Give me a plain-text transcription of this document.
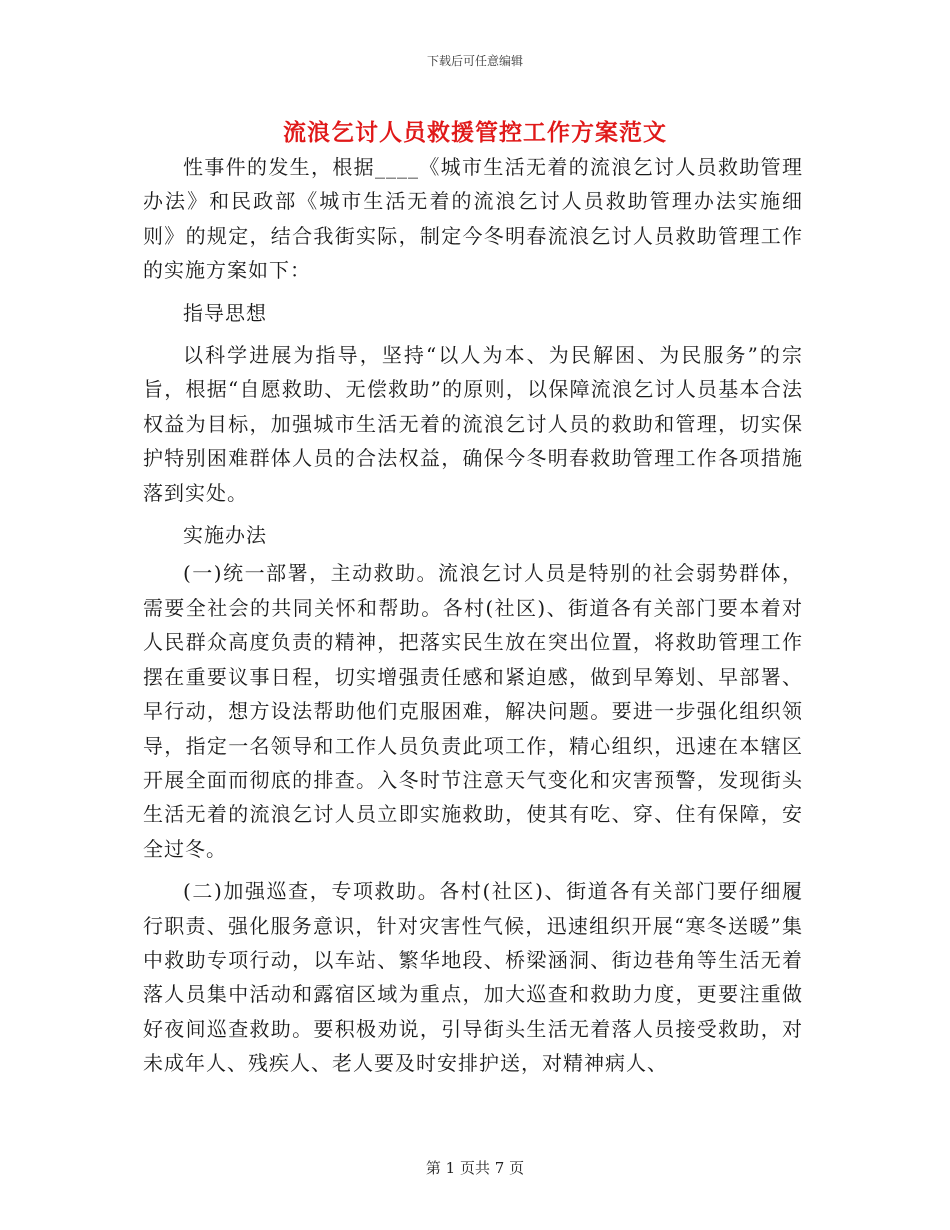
下载后可任意编辑
流浪乞讨人员救援管控工作方案范文

性事件的发生，根据____《城市生活无着的流浪乞讨人员救助管理办法》和民政部《城市生活无着的流浪乞讨人员救助管理办法实施细则》的规定，结合我街实际，制定今冬明春流浪乞讨人员救助管理工作的实施方案如下：

指导思想

以科学进展为指导，坚持“以人为本、为民解困、为民服务”的宗旨，根据“自愿救助、无偿救助”的原则，以保障流浪乞讨人员基本合法权益为目标，加强城市生活无着的流浪乞讨人员的救助和管理，切实保护特别困难群体人员的合法权益，确保今冬明春救助管理工作各项措施落到实处。

实施办法

(一)统一部署，主动救助。流浪乞讨人员是特别的社会弱势群体，需要全社会的共同关怀和帮助。各村(社区)、街道各有关部门要本着对人民群众高度负责的精神，把落实民生放在突出位置，将救助管理工作摆在重要议事日程，切实增强责任感和紧迫感，做到早筹划、早部署、早行动，想方设法帮助他们克服困难，解决问题。要进一步强化组织领导，指定一名领导和工作人员负责此项工作，精心组织，迅速在本辖区开展全面而彻底的排查。入冬时节注意天气变化和灾害预警，发现街头生活无着的流浪乞讨人员立即实施救助，使其有吃、穿、住有保障，安全过冬。

(二)加强巡查，专项救助。各村(社区)、街道各有关部门要仔细履行职责、强化服务意识，针对灾害性气候，迅速组织开展“寒冬送暖”集中救助专项行动，以车站、繁华地段、桥梁涵洞、街边巷角等生活无着落人员集中活动和露宿区域为重点，加大巡查和救助力度，更要注重做好夜间巡查救助。要积极劝说，引导街头生活无着落人员接受救助，对未成年人、残疾人、老人要及时安排护送，对精神病人、

第 1 页共 7 页
